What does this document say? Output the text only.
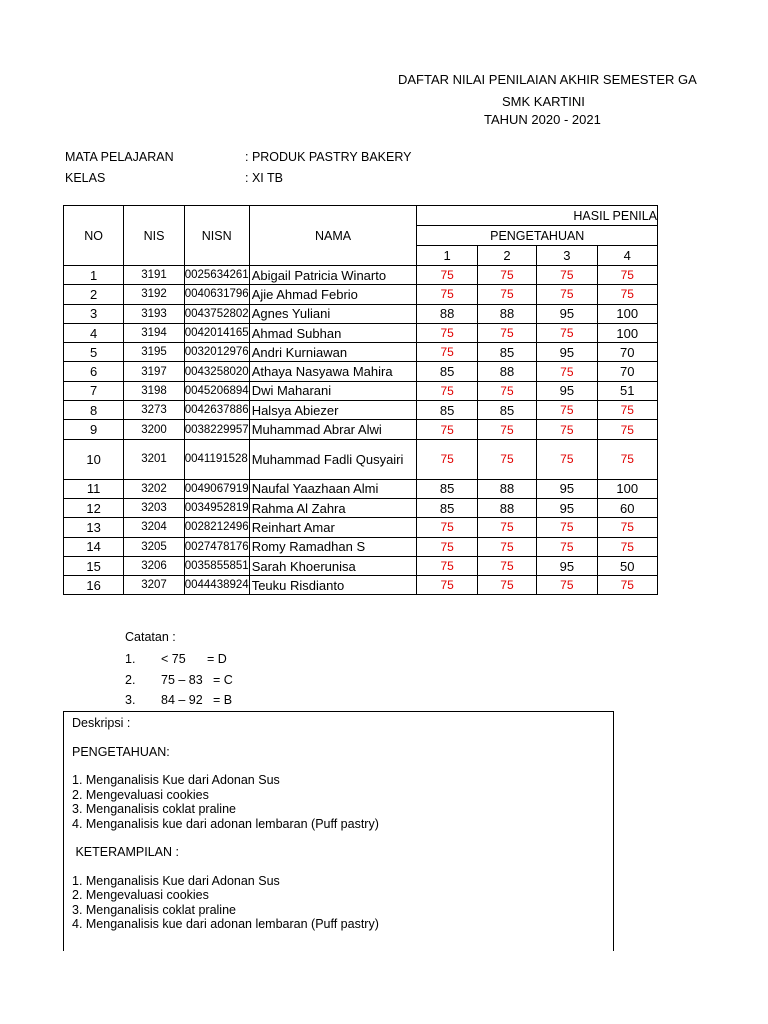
DAFTAR NILAI PENILAIAN AKHIR SEMESTER GA
SMK KARTINI
TAHUN 2020 - 2021
MATA PELAJARAN	: PRODUK PASTRY BAKERY
KELAS	: XI TB
NO	NIS	NISN	NAMA	HASIL PENILA			
				PENGETAHUAN			
				1	2	3	4
1	3191	0025634261	Abigail Patricia Winarto	75	75	75	75
2	3192	0040631796	Ajie Ahmad Febrio	75	75	75	75
3	3193	0043752802	Agnes Yuliani	88	88	95	100
4	3194	0042014165	Ahmad Subhan	75	75	75	100
5	3195	0032012976	Andri Kurniawan	75	85	95	70
6	3197	0043258020	Athaya Nasyawa Mahira	85	88	75	70
7	3198	0045206894	Dwi Maharani	75	75	95	51
8	3273	0042637886	Halsya Abiezer	85	85	75	75
9	3200	0038229957	Muhammad Abrar Alwi	75	75	75	75
10	3201	0041191528	Muhammad Fadli Qusyairi	75	75	75	75
11	3202	0049067919	Naufal Yaazhaan Almi	85	88	95	100
12	3203	0034952819	Rahma Al Zahra	85	88	95	60
13	3204	0028212496	Reinhart Amar	75	75	75	75
14	3205	0027478176	Romy Ramadhan S	75	75	75	75
15	3206	0035855851	Sarah Khoerunisa	75	75	95	50
16	3207	0044438924	Teuku Risdianto	75	75	75	75
Catatan :
1. < 75 = D
2. 75 – 83 = C
3. 84 – 92 = B
Deskripsi :
PENGETAHUAN:
1. Menganalisis Kue dari Adonan Sus
2. Mengevaluasi cookies
3. Menganalisis coklat praline
4. Menganalisis kue dari adonan lembaran (Puff pastry)
KETERAMPILAN :
1. Menganalisis Kue dari Adonan Sus
2. Mengevaluasi cookies
3. Menganalisis coklat praline
4. Menganalisis kue dari adonan lembaran (Puff pastry)
